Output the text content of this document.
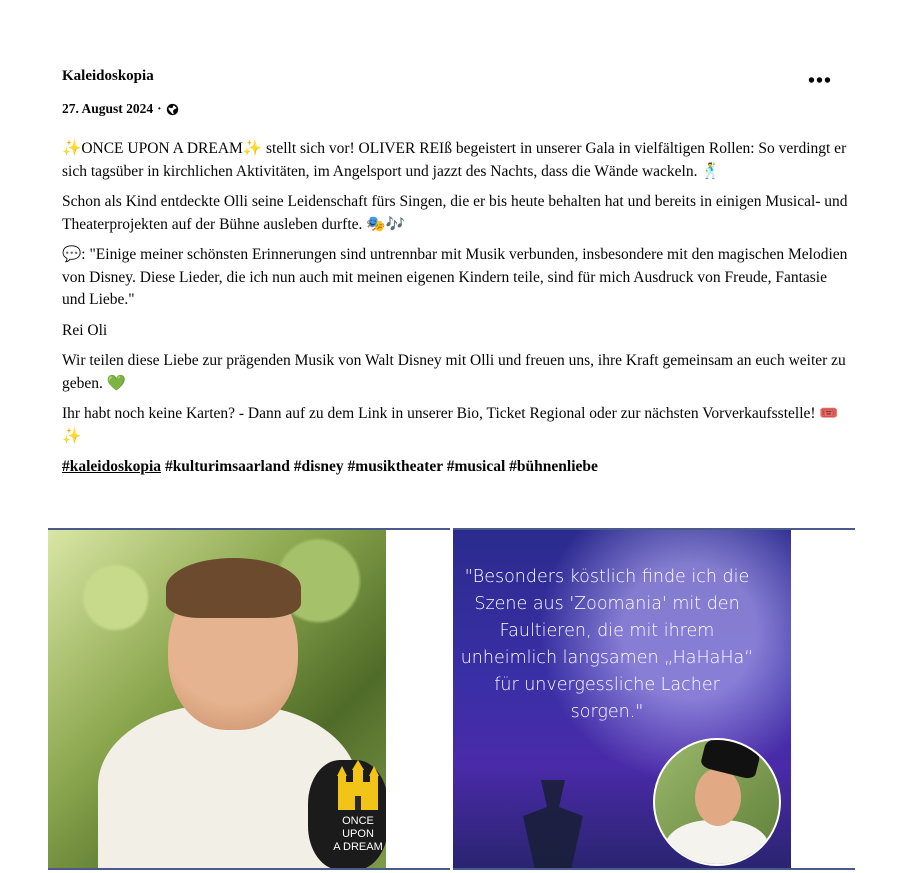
Kaleidoskopia
27. August 2024 ·
•••

✨ONCE UPON A DREAM✨ stellt sich vor! OLIVER REIß begeistert in unserer Gala in vielfältigen Rollen: So verdingt er sich tagsüber in kirchlichen Aktivitäten, im Angelsport und jazzt des Nachts, dass die Wände wackeln. 🕺

Schon als Kind entdeckte Olli seine Leidenschaft fürs Singen, die er bis heute behalten hat und bereits in einigen Musical- und Theaterprojekten auf der Bühne ausleben durfte. 🎭🎶

💬: "Einige meiner schönsten Erinnerungen sind untrennbar mit Musik verbunden, insbesondere mit den magischen Melodien von Disney. Diese Lieder, die ich nun auch mit meinen eigenen Kindern teile, sind für mich Ausdruck von Freude, Fantasie und Liebe."

Rei Oli

Wir teilen diese Liebe zur prägenden Musik von Walt Disney mit Olli und freuen uns, ihre Kraft gemeinsam an euch weiter zu geben. 💚

Ihr habt noch keine Karten? - Dann auf zu dem Link in unserer Bio, Ticket Regional oder zur nächsten Vorverkaufsstelle! 🎟️✨

#kaleidoskopia #kulturimsaarland #disney #musiktheater #musical #bühnenliebe

ONCE
UPON
A DREAM
"Besonders köstlich finde ich die Szene aus 'Zoomania' mit den Faultieren, die mit ihrem unheimlich langsamen „HaHaHa“ für unvergessliche Lacher sorgen."
